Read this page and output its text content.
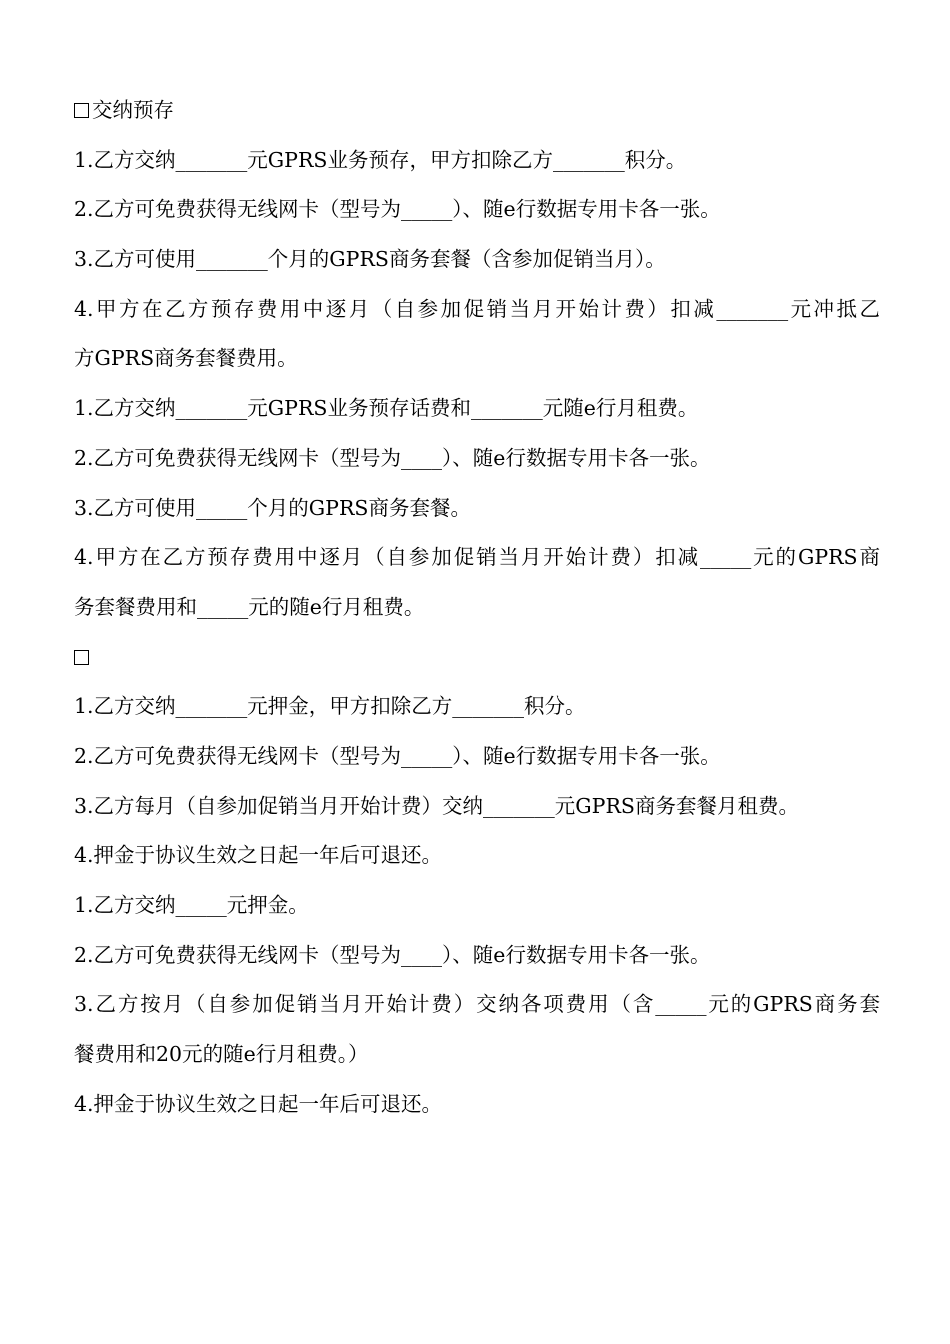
交纳预存
1.乙方交纳_______元GPRS业务预存，甲方扣除乙方_______积分。
2.乙方可免费获得无线网卡（型号为_____）、随e行数据专用卡各一张。
3.乙方可使用_______个月的GPRS商务套餐（含参加促销当月）。
4.甲方在乙方预存费用中逐月（自参加促销当月开始计费）扣减_______元冲抵乙
方GPRS商务套餐费用。
1.乙方交纳_______元GPRS业务预存话费和_______元随e行月租费。
2.乙方可免费获得无线网卡（型号为____）、随e行数据专用卡各一张。
3.乙方可使用_____个月的GPRS商务套餐。
4.甲方在乙方预存费用中逐月（自参加促销当月开始计费）扣减_____元的GPRS商
务套餐费用和_____元的随e行月租费。
1.乙方交纳_______元押金，甲方扣除乙方_______积分。
2.乙方可免费获得无线网卡（型号为_____）、随e行数据专用卡各一张。
3.乙方每月（自参加促销当月开始计费）交纳_______元GPRS商务套餐月租费。
4.押金于协议生效之日起一年后可退还。
1.乙方交纳_____元押金。
2.乙方可免费获得无线网卡（型号为____）、随e行数据专用卡各一张。
3.乙方按月（自参加促销当月开始计费）交纳各项费用（含_____元的GPRS商务套
餐费用和20元的随e行月租费。）
4.押金于协议生效之日起一年后可退还。
